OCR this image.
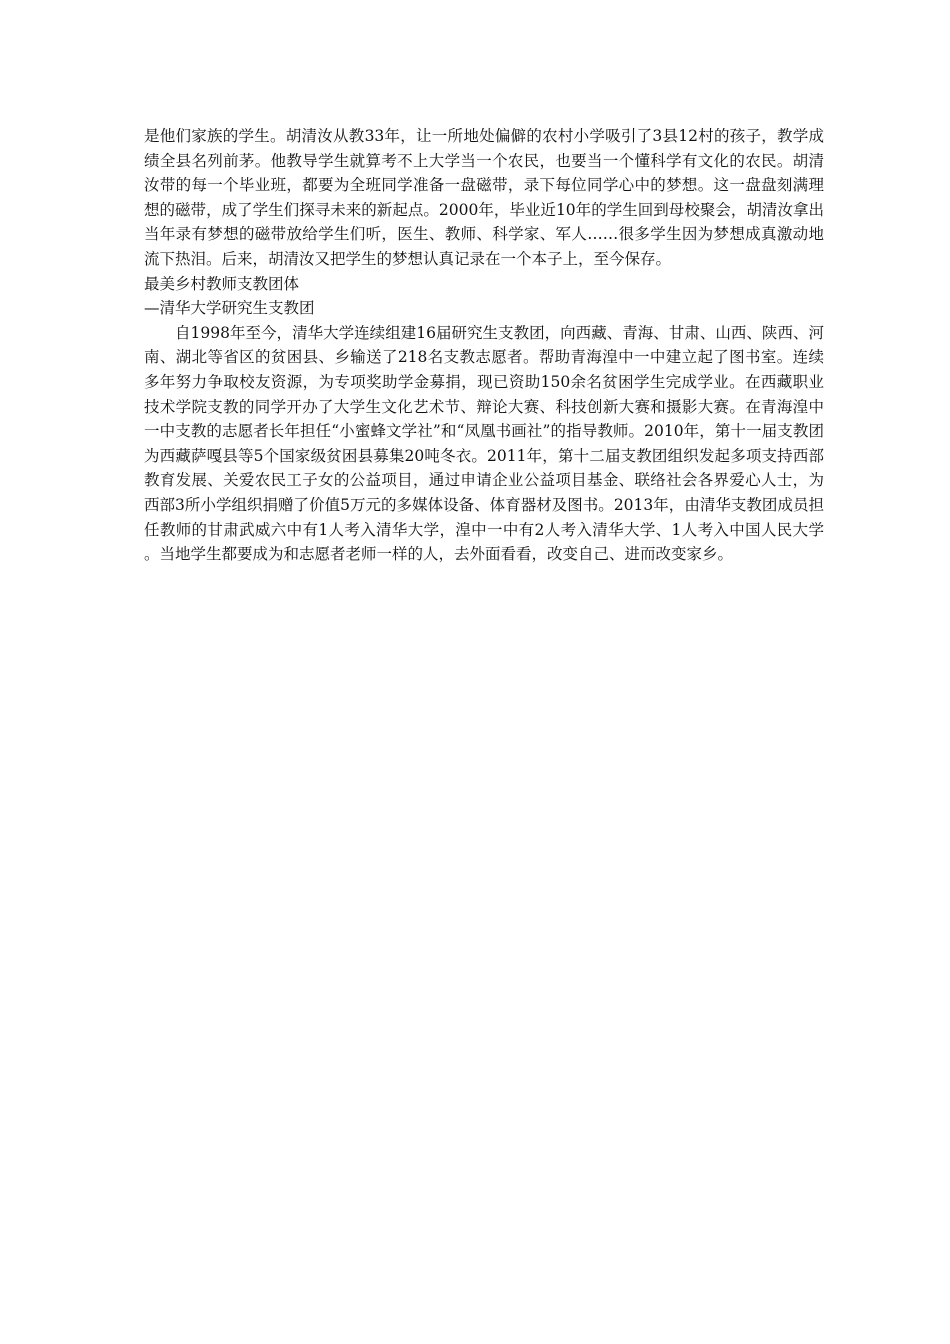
是他们家族的学生。胡清汝从教33年，让一所地处偏僻的农村小学吸引了3县12村的孩子，教学成绩全县名列前茅。他教导学生就算考不上大学当一个农民，也要当一个懂科学有文化的农民。胡清汝带的每一个毕业班，都要为全班同学准备一盘磁带，录下每位同学心中的梦想。这一盘盘刻满理想的磁带，成了学生们探寻未来的新起点。2000年，毕业近10年的学生回到母校聚会，胡清汝拿出当年录有梦想的磁带放给学生们听，医生、教师、科学家、军人……很多学生因为梦想成真激动地流下热泪。后来，胡清汝又把学生的梦想认真记录在一个本子上，至今保存。

最美乡村教师支教团体

—清华大学研究生支教团

自1998年至今，清华大学连续组建16届研究生支教团，向西藏、青海、甘肃、山西、陕西、河南、湖北等省区的贫困县、乡输送了218名支教志愿者。帮助青海湟中一中建立起了图书室。连续多年努力争取校友资源，为专项奖助学金募捐，现已资助150余名贫困学生完成学业。在西藏职业技术学院支教的同学开办了大学生文化艺术节、辩论大赛、科技创新大赛和摄影大赛。在青海湟中一中支教的志愿者长年担任“小蜜蜂文学社”和“凤凰书画社”的指导教师。2010年，第十一届支教团为西藏萨嘎县等5个国家级贫困县募集20吨冬衣。2011年，第十二届支教团组织发起多项支持西部教育发展、关爱农民工子女的公益项目，通过申请企业公益项目基金、联络社会各界爱心人士，为西部3所小学组织捐赠了价值5万元的多媒体设备、体育器材及图书。2013年，由清华支教团成员担任教师的甘肃武威六中有1人考入清华大学，湟中一中有2人考入清华大学、1人考入中国人民大学。当地学生都要成为和志愿者老师一样的人，去外面看看，改变自己、进而改变家乡。
